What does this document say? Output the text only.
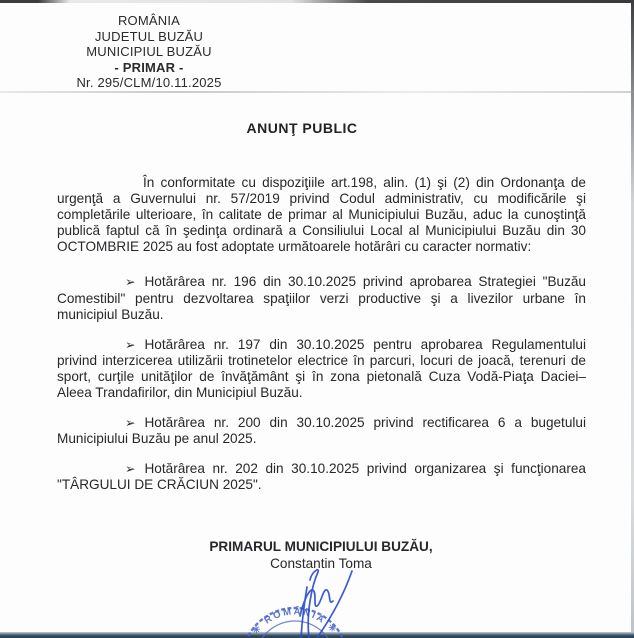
ROMÂNIA
JUDETUL BUZĂU
MUNICIPIUL BUZĂU
- PRIMAR -
Nr. 295/CLM/10.11.2025
ANUNŢ PUBLIC

În conformitate cu dispoziţiile art.198, alin. (1) şi (2) din Ordonanţa de urgenţă a Guvernului nr. 57/2019 privind Codul administrativ, cu modificările şi completările ulterioare, în calitate de primar al Municipiului Buzău, aduc la cunoştinţă publică faptul că în şedinţa ordinară a Consiliului Local al Municipiului Buzău din 30 OCTOMBRIE 2025 au fost adoptate următoarele hotărâri cu caracter normativ:

➢ Hotărârea nr. 196 din 30.10.2025 privind aprobarea Strategiei "Buzău Comestibil" pentru dezvoltarea spaţiilor verzi productive şi a livezilor urbane în municipiul Buzău.

➢ Hotărârea nr. 197 din 30.10.2025 pentru aprobarea Regulamentului privind interzicerea utilizării trotinetelor electrice în parcuri, locuri de joacă, terenuri de sport, curţile unităţilor de învăţământ şi în zona pietonală Cuza Vodă-Piaţa Daciei–Aleea Trandafirilor, din Municipiul Buzău.

➢ Hotărârea nr. 200 din 30.10.2025 privind rectificarea 6 a bugetului Municipiului Buzău pe anul 2025.

➢ Hotărârea nr. 202 din 30.10.2025 privind organizarea şi funcţionarea "TÂRGULUI DE CRĂCIUN 2025".

PRIMARUL MUNICIPIULUI BUZĂU,
Constantin Toma
✳ ROMÂNIA ✳
